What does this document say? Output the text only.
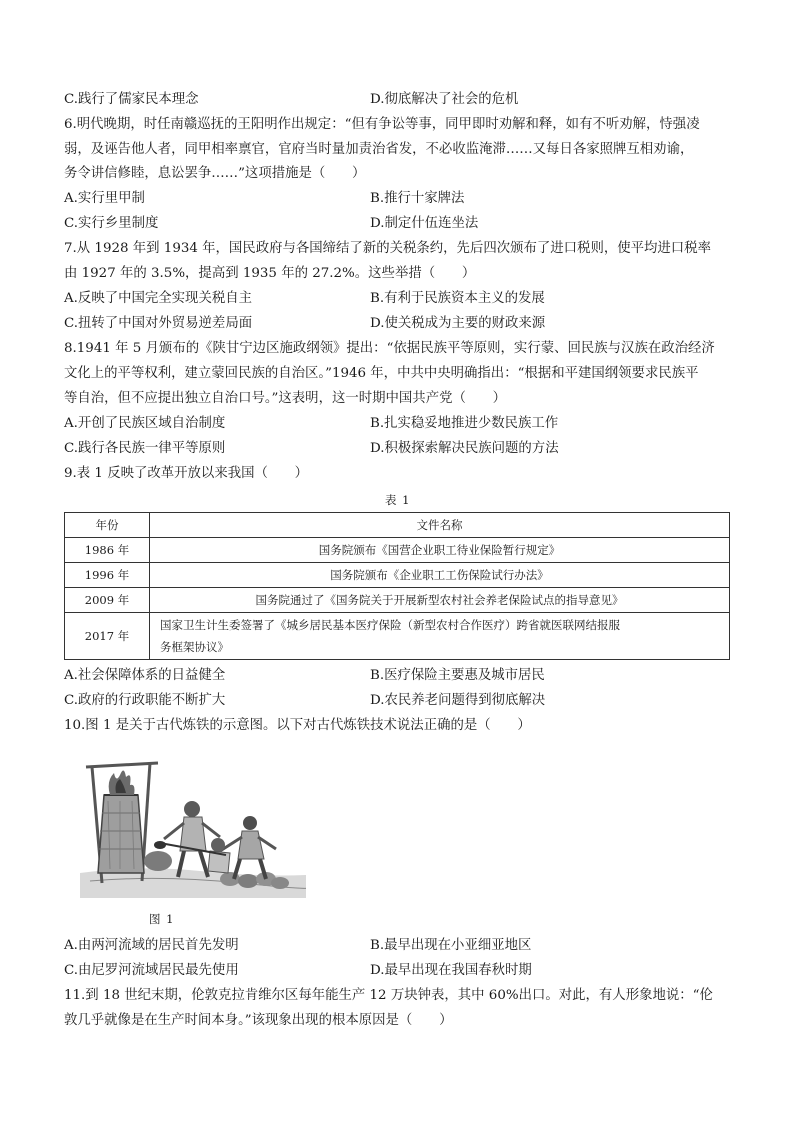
C.践行了儒家民本理念	D.彻底解决了社会的危机
6.明代晚期，时任南赣巡抚的王阳明作出规定：“但有争讼等事，同甲即时劝解和释，如有不听劝解，恃强凌
弱，及诬告他人者，同甲相率禀官，官府当时量加责治省发，不必收监淹滞……又每日各家照牌互相劝谕，
务令讲信修睦，息讼罢争……”这项措施是（　　）
A.实行里甲制	B.推行十家牌法
C.实行乡里制度	D.制定什伍连坐法
7.从 1928 年到 1934 年，国民政府与各国缔结了新的关税条约，先后四次颁布了进口税则，使平均进口税率
由 1927 年的 3.5%，提高到 1935 年的 27.2%。这些举措（　　）
A.反映了中国完全实现关税自主	B.有利于民族资本主义的发展
C.扭转了中国对外贸易逆差局面	D.使关税成为主要的财政来源
8.1941 年 5 月颁布的《陕甘宁边区施政纲领》提出：“依据民族平等原则，实行蒙、回民族与汉族在政治经济
文化上的平等权利，建立蒙回民族的自治区。”1946 年，中共中央明确指出：“根据和平建国纲领要求民族平
等自治，但不应提出独立自治口号。”这表明，这一时期中国共产党（　　）
A.开创了民族区域自治制度	B.扎实稳妥地推进少数民族工作
C.践行各民族一律平等原则	D.积极探索解决民族问题的方法
9.表 1 反映了改革开放以来我国（　　）
表 1
年份	文件名称
1986 年	国务院颁布《国营企业职工待业保险暂行规定》
1996 年	国务院颁布《企业职工工伤保险试行办法》
2009 年	国务院通过了《国务院关于开展新型农村社会养老保险试点的指导意见》
2017 年	国家卫生计生委签署了《城乡居民基本医疗保险（新型农村合作医疗）跨省就医联网结报服
务框架协议》
A.社会保障体系的日益健全	B.医疗保险主要惠及城市居民
C.政府的行政职能不断扩大	D.农民养老问题得到彻底解决
10.图 1 是关于古代炼铁的示意图。以下对古代炼铁技术说法正确的是（　　）
图 1
A.由两河流域的居民首先发明	B.最早出现在小亚细亚地区
C.由尼罗河流域居民最先使用	D.最早出现在我国春秋时期
11.到 18 世纪末期，伦敦克拉肯维尔区每年能生产 12 万块钟表，其中 60%出口。对此，有人形象地说：“伦
敦几乎就像是在生产时间本身。”该现象出现的根本原因是（　　）
